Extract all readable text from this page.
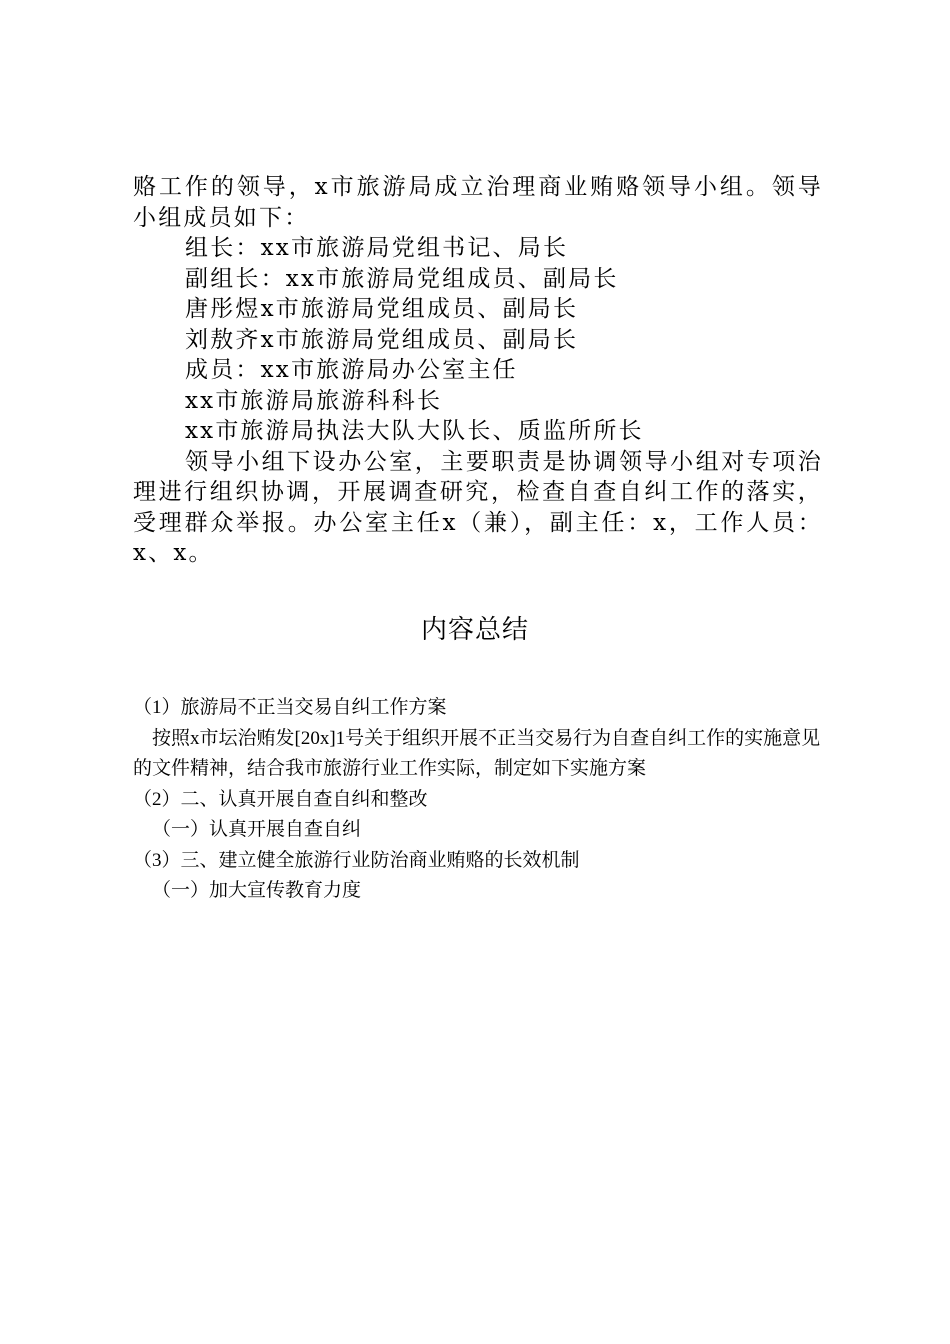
赂工作的领导，x市旅游局成立治理商业贿赂领导小组。领导小组成员如下：

组长：xx市旅游局党组书记、局长

副组长：xx市旅游局党组成员、副局长

唐彤煜x市旅游局党组成员、副局长

刘敖齐x市旅游局党组成员、副局长

成员：xx市旅游局办公室主任

xx市旅游局旅游科科长

xx市旅游局执法大队大队长、质监所所长

领导小组下设办公室，主要职责是协调领导小组对专项治理进行组织协调，开展调查研究，检查自查自纠工作的落实，受理群众举报。办公室主任x（兼），副主任：x，工作人员：x、x。

内容总结

（1）旅游局不正当交易自纠工作方案

按照x市坛治贿发[20x]1号关于组织开展不正当交易行为自查自纠工作的实施意见的文件精神，结合我市旅游行业工作实际，制定如下实施方案

（2）二、认真开展自查自纠和整改

（一）认真开展自查自纠

（3）三、建立健全旅游行业防治商业贿赂的长效机制

（一）加大宣传教育力度
